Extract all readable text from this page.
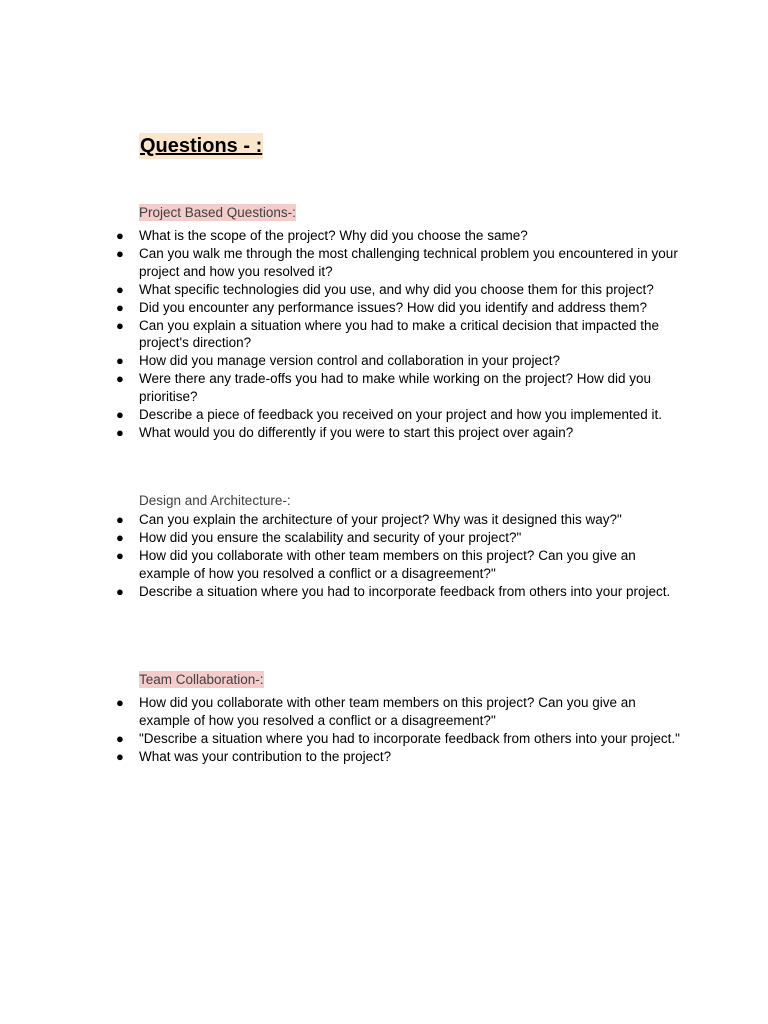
Questions - :
Project Based Questions-:
● What is the scope of the project? Why did you choose the same?
● Can you walk me through the most challenging technical problem you encountered in your project and how you resolved it?
● What specific technologies did you use, and why did you choose them for this project?
● Did you encounter any performance issues? How did you identify and address them?
● Can you explain a situation where you had to make a critical decision that impacted the project's direction?
● How did you manage version control and collaboration in your project?
● Were there any trade-offs you had to make while working on the project? How did you prioritise?
● Describe a piece of feedback you received on your project and how you implemented it.
● What would you do differently if you were to start this project over again?
Design and Architecture-:
● Can you explain the architecture of your project? Why was it designed this way?"
● How did you ensure the scalability and security of your project?"
● How did you collaborate with other team members on this project? Can you give an example of how you resolved a conflict or a disagreement?"
● Describe a situation where you had to incorporate feedback from others into your project.
Team Collaboration-:
● How did you collaborate with other team members on this project? Can you give an example of how you resolved a conflict or a disagreement?"
● "Describe a situation where you had to incorporate feedback from others into your project."
● What was your contribution to the project?
